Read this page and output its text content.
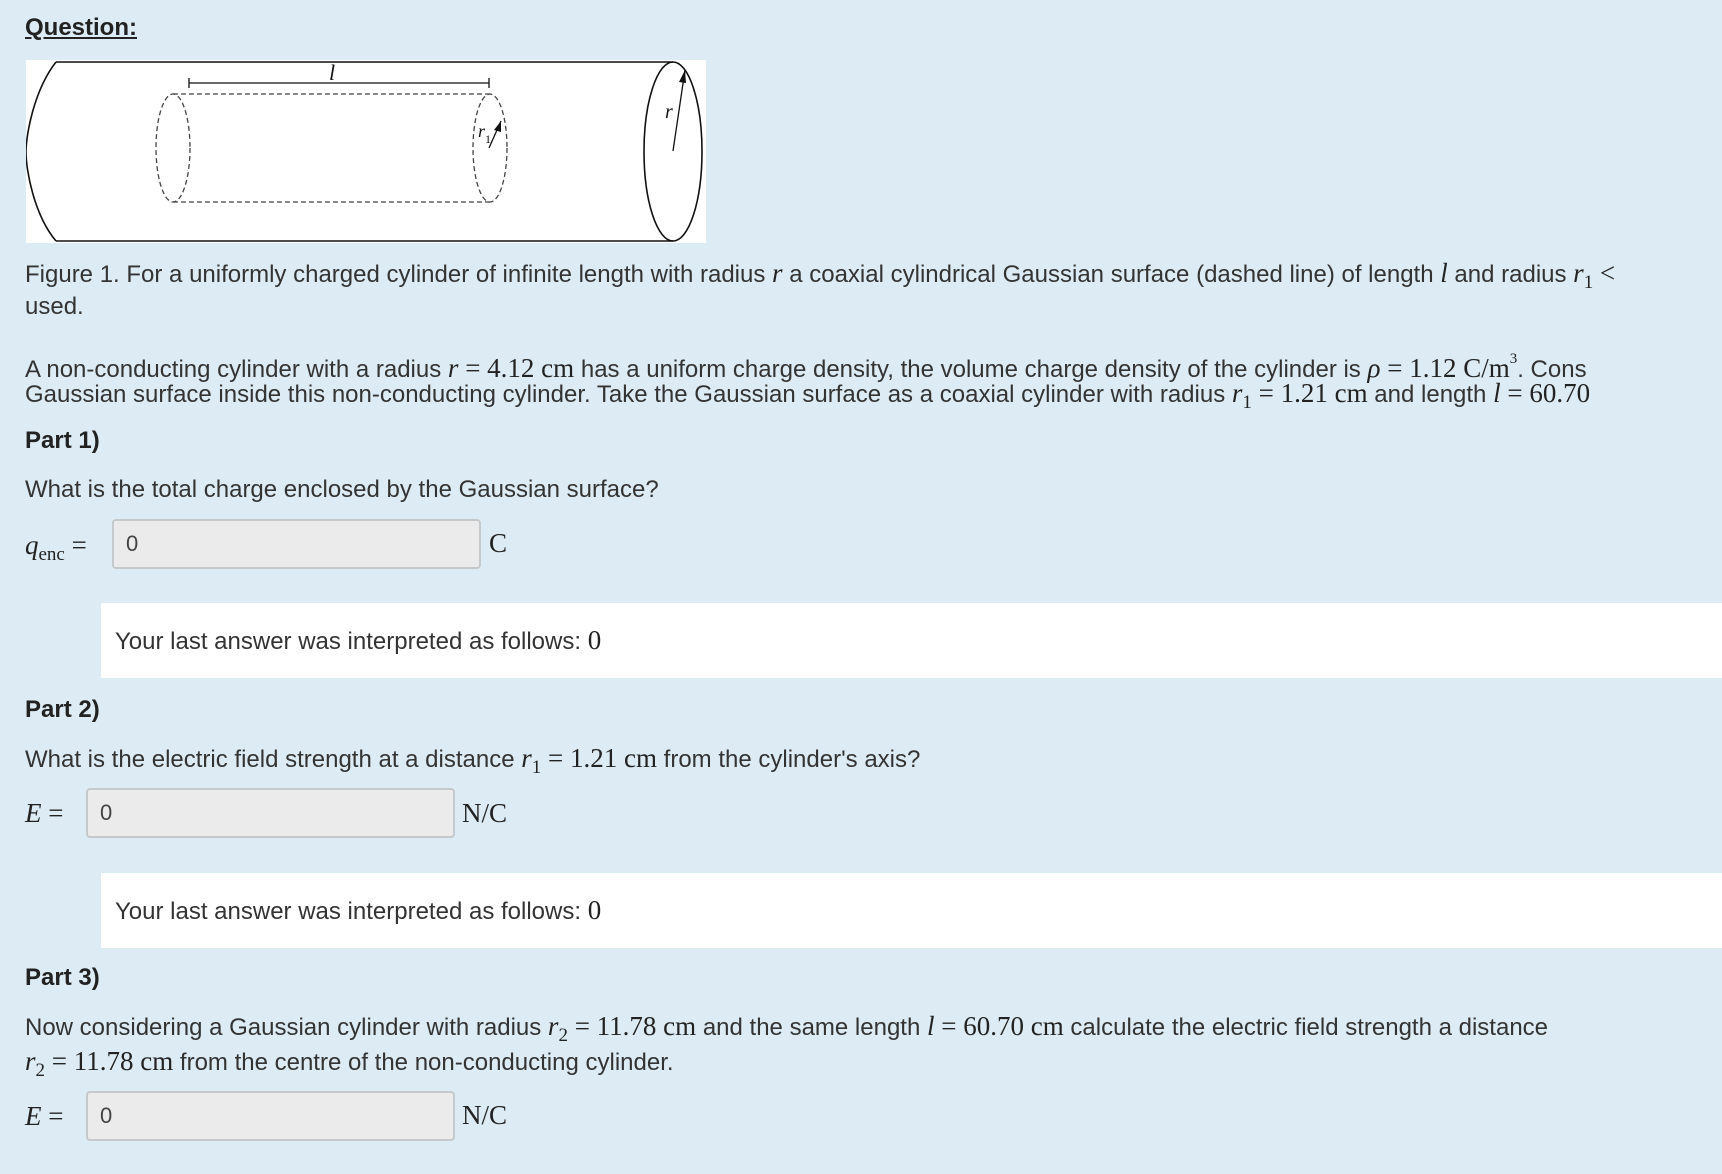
Question:
l
r
r 1
Figure 1. For a uniformly charged cylinder of infinite length with radius r a coaxial cylindrical Gaussian surface (dashed line) of length l and radius $r_1$ <
used.
A non-conducting cylinder with a radius r = 4.12 cm has a uniform charge density, the volume charge density of the cylinder is ρ = 1.12 $C/m^3$. Cons
Gaussian surface inside this non-conducting cylinder. Take the Gaussian surface as a coaxial cylinder with radius $r_1 = 1.21$ cm and length l = 60.70
Part 1)
What is the total charge enclosed by the Gaussian surface?
$q_{enc}$ =	0	C
Your last answer was interpreted as follows: 0
Part 2)
What is the electric field strength at a distance $r_1 = 1.21$ cm from the cylinder's axis?
E =	0	N/C
Your last answer was interpreted as follows: 0
Part 3)
Now considering a Gaussian cylinder with radius $r_2 = 11.78$ cm and the same length l = 60.70 cm calculate the electric field strength a distance
$r_2 = 11.78$ cm from the centre of the non-conducting cylinder.
E =	0	N/C
